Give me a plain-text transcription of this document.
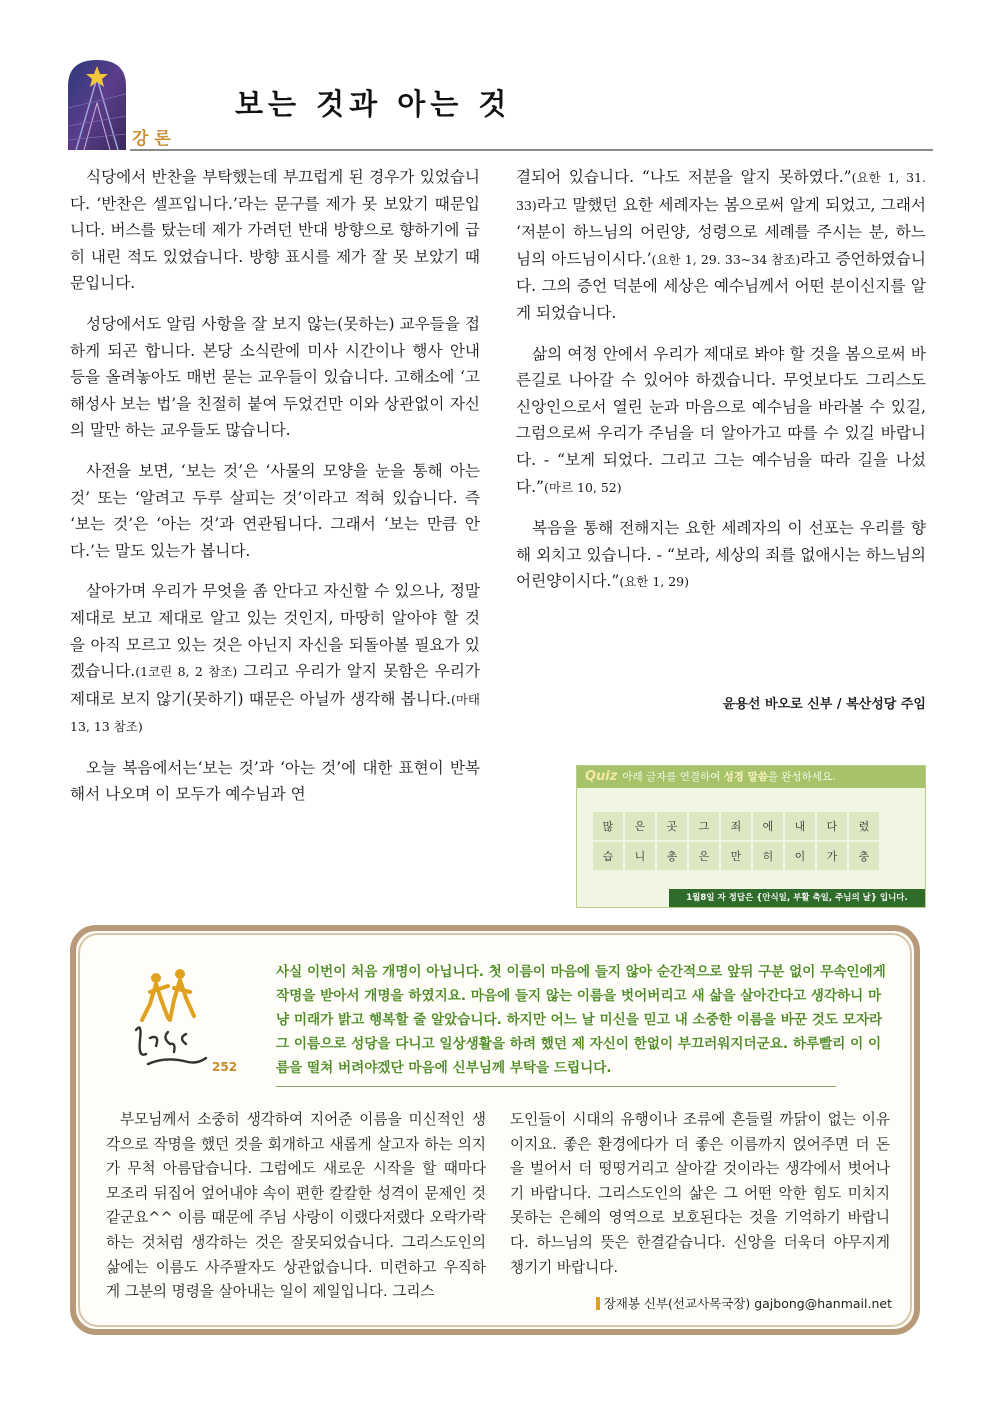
강론
보는 것과 아는 것

식당에서 반찬을 부탁했는데 부끄럽게 된 경우가 있었습니다. ‘반찬은 셀프입니다.’라는 문구를 제가 못 보았기 때문입니다. 버스를 탔는데 제가 가려던 반대 방향으로 향하기에 급히 내린 적도 있었습니다. 방향 표시를 제가 잘 못 보았기 때문입니다.

성당에서도 알림 사항을 잘 보지 않는(못하는) 교우들을 접하게 되곤 합니다. 본당 소식란에 미사 시간이나 행사 안내 등을 올려놓아도 매번 묻는 교우들이 있습니다. 고해소에 ‘고해성사 보는 법’을 친절히 붙여 두었건만 이와 상관없이 자신의 말만 하는 교우들도 많습니다.

사전을 보면, ‘보는 것’은 ‘사물의 모양을 눈을 통해 아는 것’ 또는 ‘알려고 두루 살피는 것’이라고 적혀 있습니다. 즉 ‘보는 것’은 ‘아는 것’과 연관됩니다. 그래서 ‘보는 만큼 안다.’는 말도 있는가 봅니다.

살아가며 우리가 무엇을 좀 안다고 자신할 수 있으나, 정말 제대로 보고 제대로 알고 있는 것인지, 마땅히 알아야 할 것을 아직 모르고 있는 것은 아닌지 자신을 되돌아볼 필요가 있겠습니다.(1코린 8, 2 참조) 그리고 우리가 알지 못함은 우리가 제대로 보지 않기(못하기) 때문은 아닐까 생각해 봅니다.(마태 13, 13 참조)

오늘 복음에서는‘보는 것’과 ‘아는 것’에 대한 표현이 반복해서 나오며 이 모두가 예수님과 연

결되어 있습니다. “나도 저분을 알지 못하였다.”(요한 1, 31. 33)라고 말했던 요한 세례자는 봄으로써 알게 되었고, 그래서 ‘저분이 하느님의 어린양, 성령으로 세례를 주시는 분, 하느님의 아드님이시다.’(요한 1, 29. 33~34 참조)라고 증언하였습니다. 그의 증언 덕분에 세상은 예수님께서 어떤 분이신지를 알게 되었습니다.

삶의 여정 안에서 우리가 제대로 봐야 할 것을 봄으로써 바른길로 나아갈 수 있어야 하겠습니다. 무엇보다도 그리스도 신앙인으로서 열린 눈과 마음으로 예수님을 바라볼 수 있길, 그럼으로써 우리가 주님을 더 알아가고 따를 수 있길 바랍니다. - “보게 되었다. 그리고 그는 예수님을 따라 길을 나섰다.”(마르 10, 52)

복음을 통해 전해지는 요한 세례자의 이 선포는 우리를 향해 외치고 있습니다. - “보라, 세상의 죄를 없애시는 하느님의 어린양이시다.”(요한 1, 29)

윤용선 바오로 신부 / 복산성당 주임
Quiz 아래 글자를 연결하여 성경 말씀을 완성하세요.
많	은	곳	그	죄	에	내	다	렸
습	니	총	은	만	히	이	가	충
1월8일 자 정답은 {안식일, 부활 축일, 주님의 날} 입니다.
252
사실 이번이 처음 개명이 아닙니다. 첫 이름이 마음에 들지 않아 순간적으로 앞뒤 구분 없이 무속인에게 작명을 받아서 개명을 하였지요. 마음에 들지 않는 이름을 벗어버리고 새 삶을 살아간다고 생각하니 마냥 미래가 밝고 행복할 줄 알았습니다. 하지만 어느 날 미신을 믿고 내 소중한 이름을 바꾼 것도 모자라 그 이름으로 성당을 다니고 일상생활을 하려 했던 제 자신이 한없이 부끄러워지더군요. 하루빨리 이 이름을 떨쳐 버려야겠단 마음에 신부님께 부탁을 드립니다.

부모님께서 소중히 생각하여 지어준 이름을 미신적인 생각으로 작명을 했던 것을 회개하고 새롭게 살고자 하는 의지가 무척 아름답습니다. 그럼에도 새로운 시작을 할 때마다 모조리 뒤집어 엎어내야 속이 편한 칼칼한 성격이 문제인 것 같군요^^ 이름 때문에 주님 사랑이 이랬다저랬다 오락가락하는 것처럼 생각하는 것은 잘못되었습니다. 그리스도인의 삶에는 이름도 사주팔자도 상관없습니다. 미련하고 우직하게 그분의 명령을 살아내는 일이 제일입니다. 그리스

도인들이 시대의 유행이나 조류에 흔들릴 까닭이 없는 이유이지요. 좋은 환경에다가 더 좋은 이름까지 얹어주면 더 돈을 벌어서 더 떵떵거리고 살아갈 것이라는 생각에서 벗어나기 바랍니다. 그리스도인의 삶은 그 어떤 악한 힘도 미치지 못하는 은혜의 영역으로 보호된다는 것을 기억하기 바랍니다. 하느님의 뜻은 한결같습니다. 신앙을 더욱더 야무지게 챙기기 바랍니다.

장재봉 신부(선교사목국장) gajbong@hanmail.net
